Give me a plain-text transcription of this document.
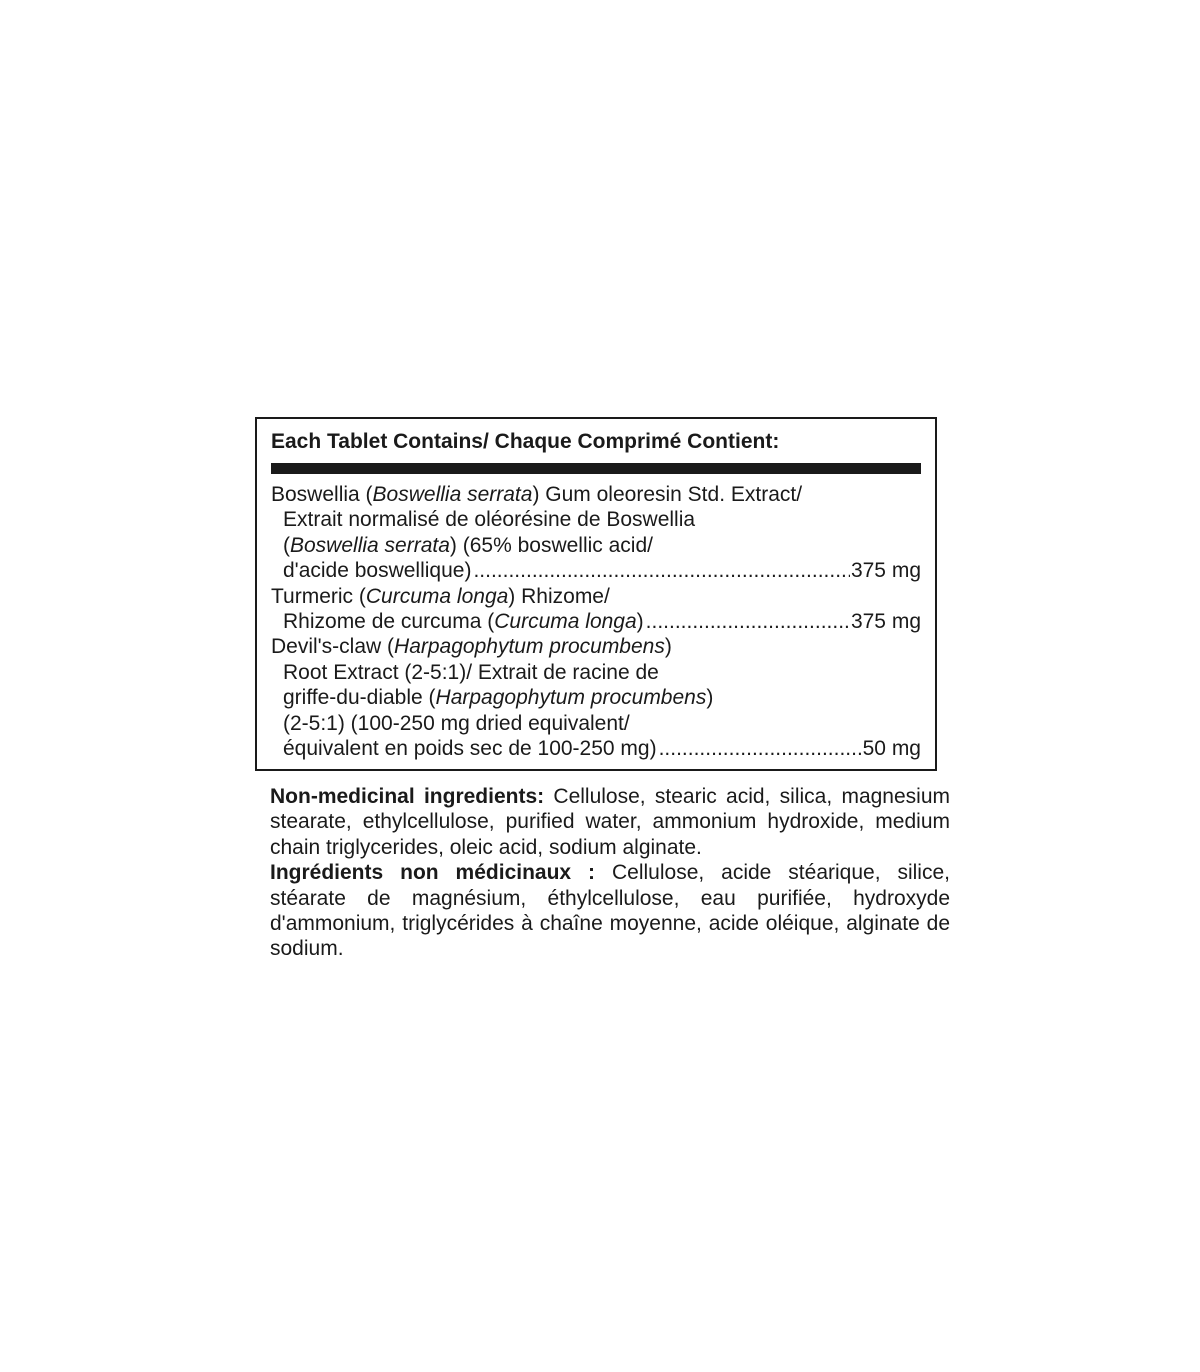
Each Tablet Contains/ Chaque Comprimé Contient:
Boswellia (Boswellia serrata) Gum oleoresin Std. Extract/
Extrait normalisé de oléorésine de Boswellia
(Boswellia serrata) (65% boswellic acid/
d'acide boswellique) .....	375 mg
Turmeric (Curcuma longa) Rhizome/
Rhizome de curcuma (Curcuma longa) .....	375 mg
Devil's-claw (Harpagophytum procumbens)
Root Extract (2-5:1)/ Extrait de racine de
griffe-du-diable (Harpagophytum procumbens)
(2-5:1) (100-250 mg dried equivalent/
équivalent en poids sec de 100-250 mg) .....	50 mg

Non-medicinal ingredients: Cellulose, stearic acid, silica, magnesium stearate, ethylcellulose, purified water, ammonium hydroxide, medium chain triglycerides, oleic acid, sodium alginate.

Ingrédients non médicinaux : Cellulose, acide stéarique, silice, stéarate de magnésium, éthylcellulose, eau purifiée, hydroxyde d'ammonium, triglycérides à chaîne moyenne, acide oléique, alginate de sodium.
